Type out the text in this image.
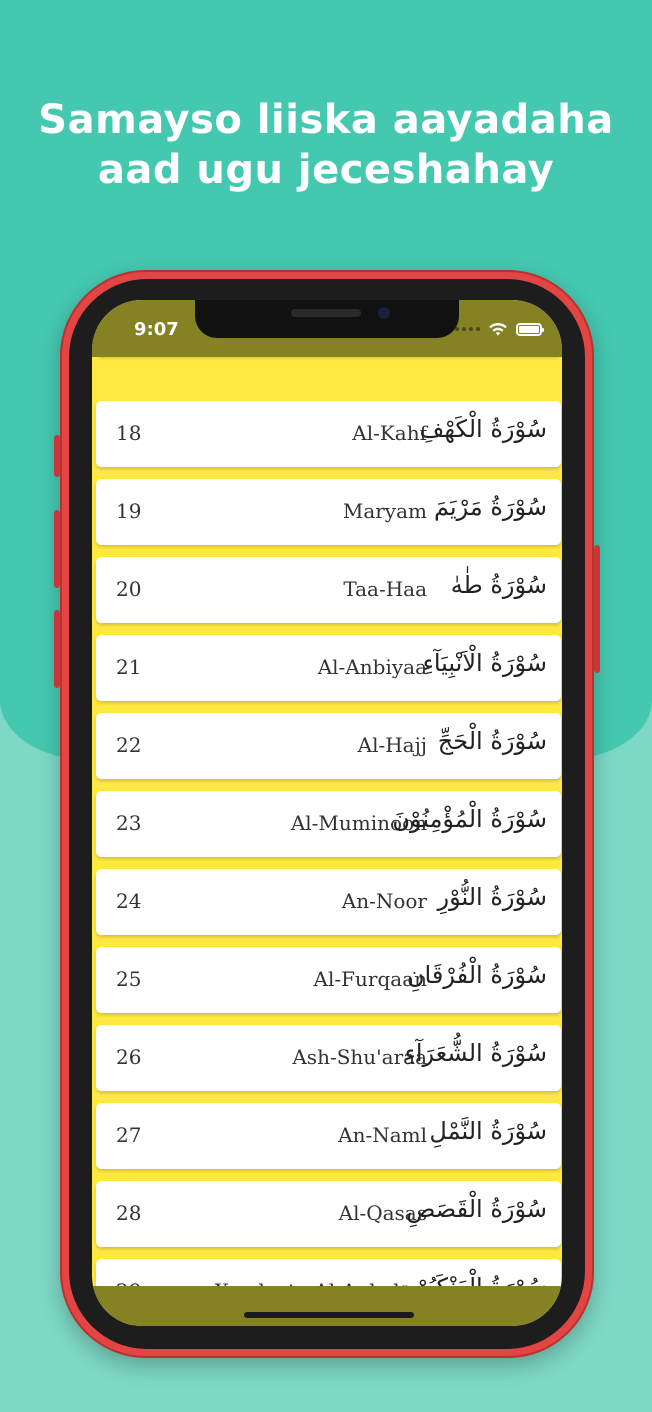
Samayso liiska aayadaha
aad ugu jeceshahay
18	Al-Kahf
سُوْرَةُ الْكَهْفِ
19	Maryam سُوْرَةُ مَرْيَمَ
20	Taa-Haa سُوْرَةُ طٰهٰ
21	Al-Anbiyaa
سُوْرَةُ الْاَنْبِيَآءِ
22	Al-Hajj سُوْرَةُ الْحَجِّ
23	Al-Muminoon
سُوْرَةُ الْمُؤْمِنُوْنَ
24	An-Noor سُوْرَةُ النُّوْرِ
25	Al-Furqaan
سُوْرَةُ الْفُرْقَانِ
26	Ash-Shu'araa
سُوْرَةُ الشُّعَرَآءِ
27	An-Naml سُوْرَةُ النَّمْلِ
28	Al-Qasas
سُوْرَةُ الْقَصَصِ
9:07
